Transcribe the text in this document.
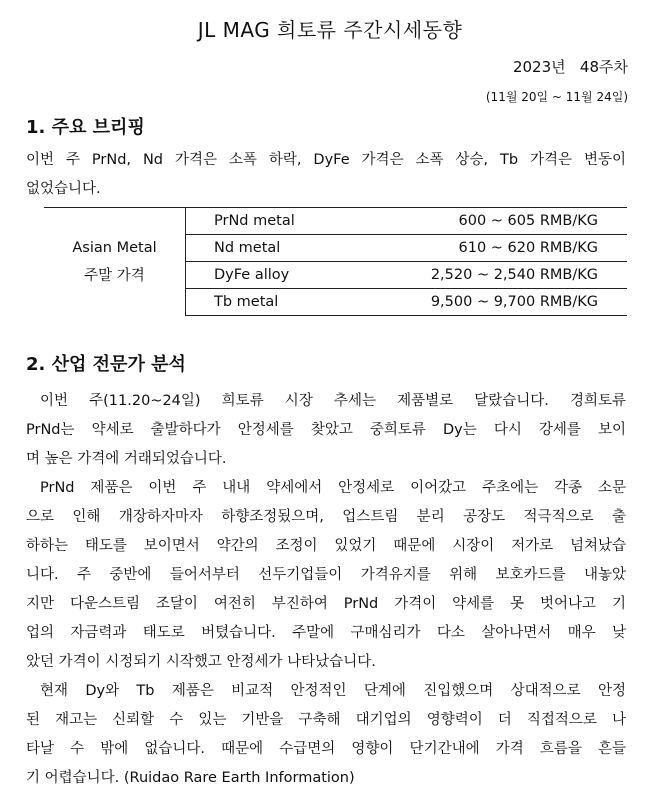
JL MAG 희토류 주간시세동향
2023년   48주차
(11월 20일 ~ 11월 24일)
1. 주요 브리핑
이번 주 PrNd, Nd 가격은 소폭 하락, DyFe 가격은 소폭 상승, Tb 가격은 변동이
없었습니다.
Asian Metal
주말 가격	PrNd metal	600 ~ 605 RMB/KG
	Nd metal	610 ~ 620 RMB/KG
	DyFe alloy	2,520 ~ 2,540 RMB/KG
	Tb metal	9,500 ~ 9,700 RMB/KG
2. 산업 전문가 분석
이번 주(11.20~24일) 희토류 시장 추세는 제품별로 달랐습니다. 경희토류
PrNd는 약세로 출발하다가 안정세를 찾았고 중희토류 Dy는 다시 강세를 보이
며 높은 가격에 거래되었습니다.
PrNd 제품은 이번 주 내내 약세에서 안정세로 이어갔고 주초에는 각종 소문
으로 인해 개장하자마자 하향조정됬으며, 업스트림 분리 공장도 적극적으로 출
하하는 태도를 보이면서 약간의 조정이 있었기 때문에 시장이 저가로 넘쳐났습
니다. 주 중반에 들어서부터 선두기업들이 가격유지를 위해 보호카드를 내놓았
지만 다운스트림 조달이 여전히 부진하여 PrNd 가격이 약세를 못 벗어나고 기
업의 자금력과 태도로 버텼습니다. 주말에 구매심리가 다소 살아나면서 매우 낮
았던 가격이 시정되기 시작했고 안정세가 나타났습니다.
현재 Dy와 Tb 제품은 비교적 안정적인 단계에 진입했으며 상대적으로 안정
된 재고는 신뢰할 수 있는 기반을 구축해 대기업의 영향력이 더 직접적으로 나
타날 수 밖에 없습니다. 때문에 수급면의 영향이 단기간내에 가격 흐름을 흔들
기 어렵습니다. (Ruidao Rare Earth Information)
